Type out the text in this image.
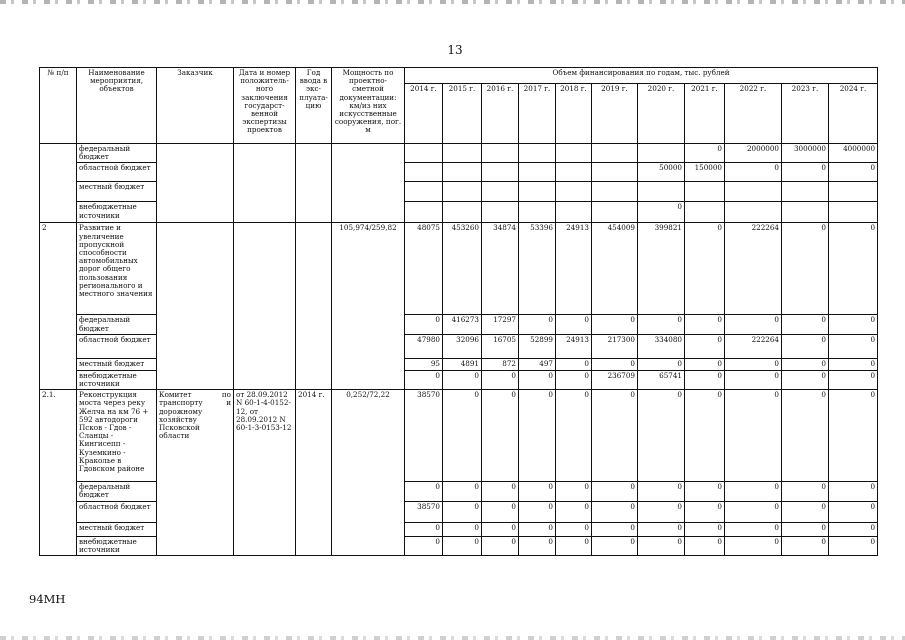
13
№ п/п	Наименование мероприятия, объектов	Заказчик	Дата и номер положитель-ного заключения государст-венной экспертизы проектов	Год ввода в экс-плуата-цию	Мощность по проектно-сметной документации: км/из них искусственные сооружения, пог. м	Объем финансирования по годам, тыс. рублей										
						2014 г.	2015 г.	2016 г.	2017 г.	2018 г.	2019 г.	2020 г.	2021 г.	2022 г.	2023 г.	2024 г.
	федеральный бюджет												0	2000000	3000000	4000000
	областной бюджет											50000	150000	0	0	0
	местный бюджет															
	внебюджетные источники											0				
2	Развитие и увеличение пропускной способности автомобильных дорог общего пользования регионального и местного значения				105,974/259,82	48075	453260	34874	53396	24913	454009	399821	0	222264	0	0
	федеральный бюджет					0	416273	17297	0	0	0	0	0	0	0	0
	областной бюджет					47980	32096	16705	52899	24913	217300	334080	0	222264	0	0
	местный бюджет					95	4891	872	497	0	0	0	0	0	0	0
	внебюджетные источники					0	0	0	0	0	236709	65741	0	0	0	0
2.1.	Реконструкция моста через реку Желча на км 76 + 592 автодороги Псков - Гдов - Сланцы - Кингисепп - Куземкино - Краколье в Гдовском районе	Комитет по
транспорту и
дорожному хозяйству Псковской области	от 28.09.2012 N 60-1-4-0152-12, от 28.09.2012 N 60-1-3-0153-12	2014 г.	0,252/72,22	38570	0	0	0	0	0	0	0	0	0	0
	федеральный бюджет					0	0	0	0	0	0	0	0	0	0	0
	областной бюджет					38570	0	0	0	0	0	0	0	0	0	0
	местный бюджет					0	0	0	0	0	0	0	0	0	0	0
	внебюджетные источники					0	0	0	0	0	0	0	0	0	0	0
94МН
